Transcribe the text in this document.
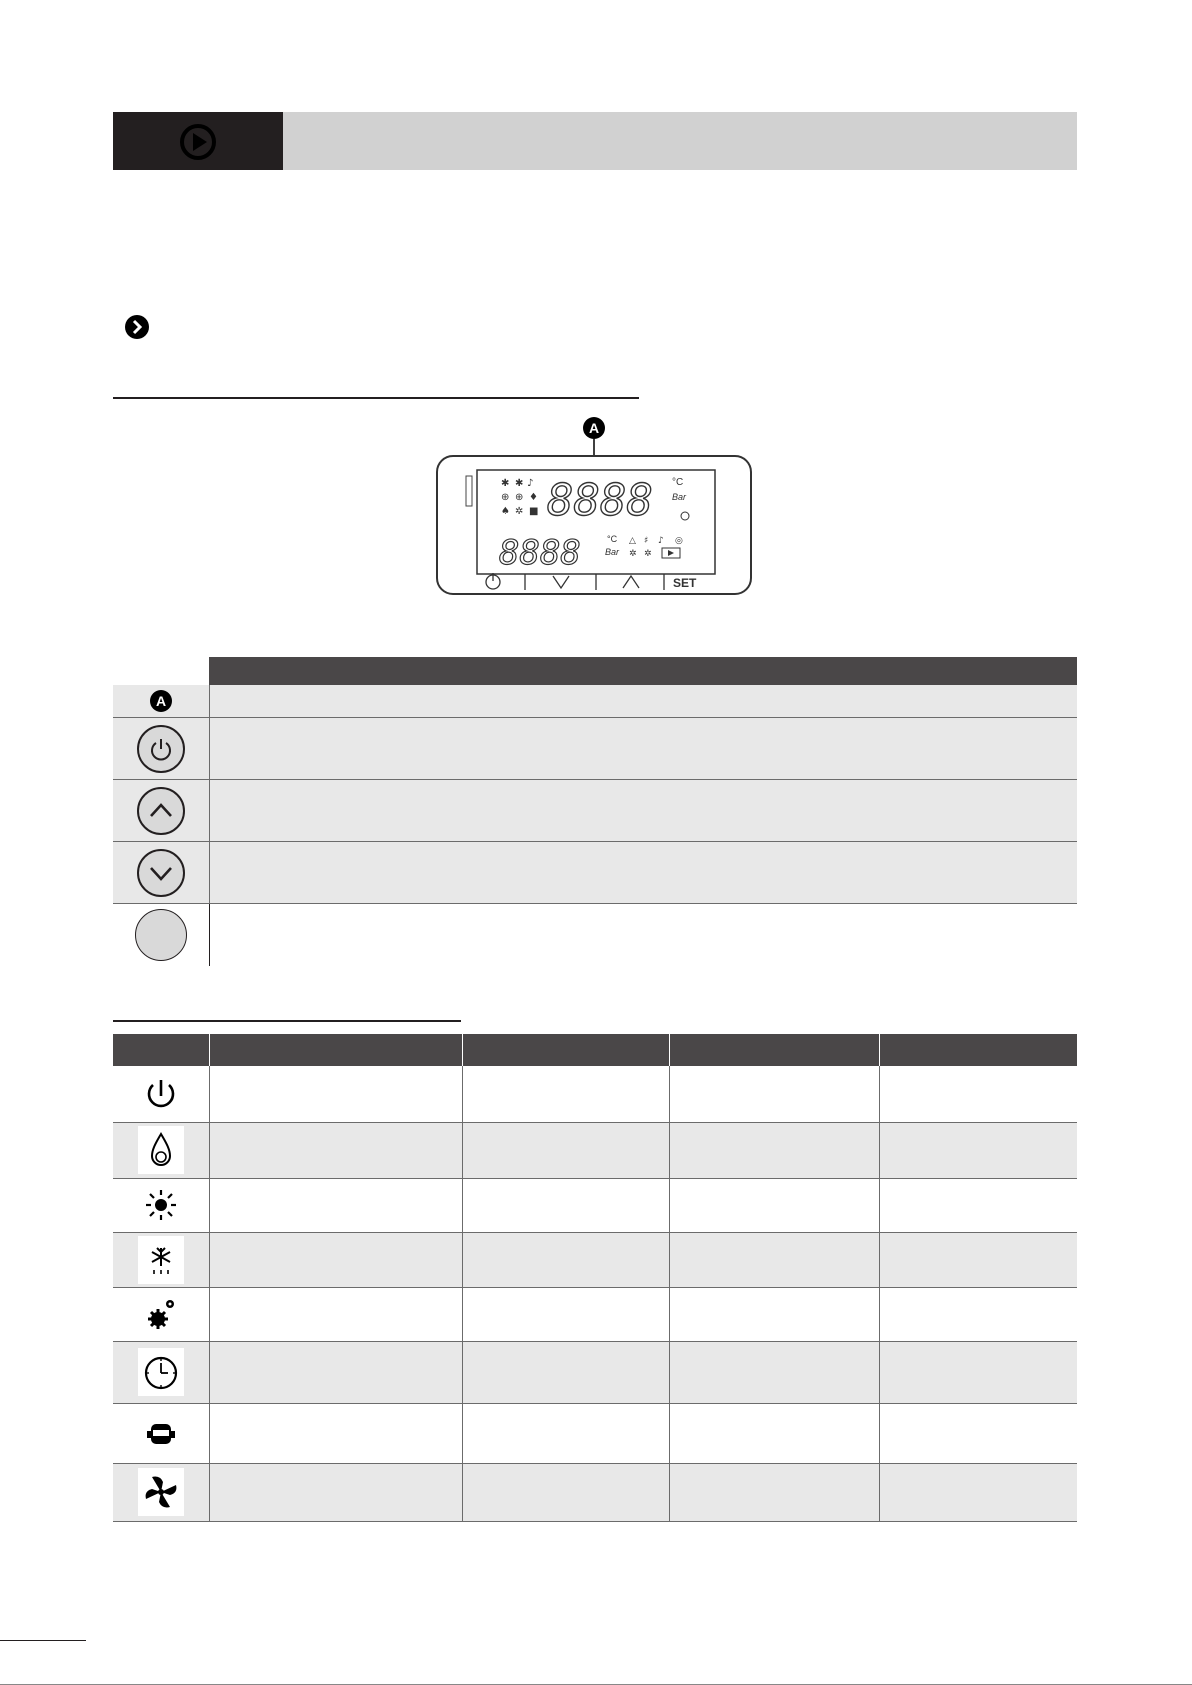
A
✱ ✱ ♪
⊕ ⊕ ♦
♠ ✲ ■ 8888 °C
Bar
8888	°C
Bar
△ ♯ ♪ ◎
✲ ✲
SET
A
